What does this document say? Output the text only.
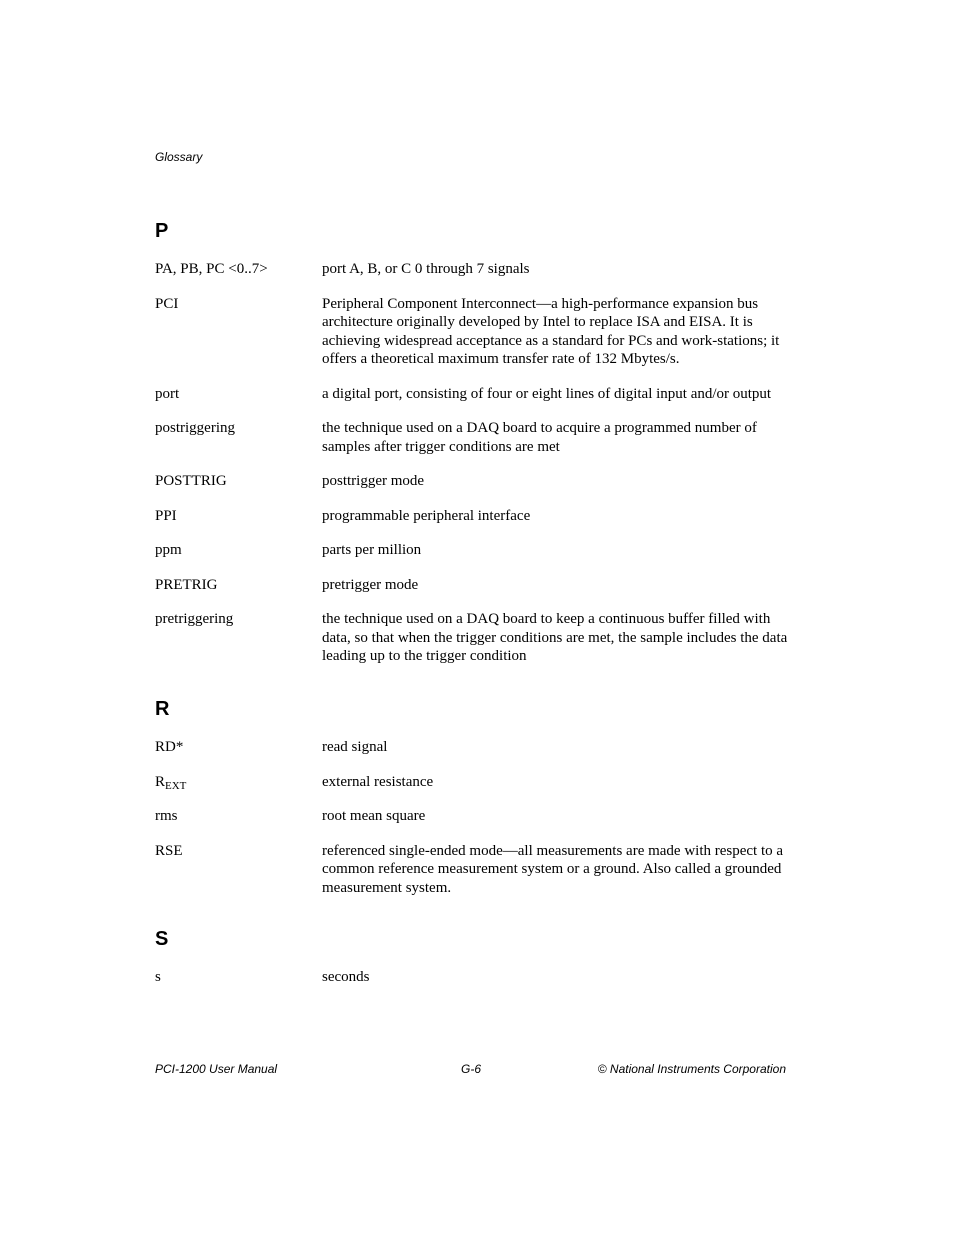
Glossary
P
PA, PB, PC <0..7>	port A, B, or C 0 through 7 signals
PCI	Peripheral Component Interconnect—a high-performance expansion bus architecture originally developed by Intel to replace ISA and EISA. It is achieving widespread acceptance as a standard for PCs and work-stations; it offers a theoretical maximum transfer rate of 132 Mbytes/s.
port	a digital port, consisting of four or eight lines of digital input and/or output
postriggering	the technique used on a DAQ board to acquire a programmed number of samples after trigger conditions are met
POSTTRIG	posttrigger mode
PPI	programmable peripheral interface
ppm	parts per million
PRETRIG	pretrigger mode
pretriggering	the technique used on a DAQ board to keep a continuous buffer filled with data, so that when the trigger conditions are met, the sample includes the data leading up to the trigger condition
R
RD*	read signal
$R_{EXT}$	external resistance
rms	root mean square
RSE	referenced single-ended mode—all measurements are made with respect to a common reference measurement system or a ground. Also called a grounded measurement system.
S
s	seconds
PCI-1200 User Manual	G-6	© National Instruments Corporation
